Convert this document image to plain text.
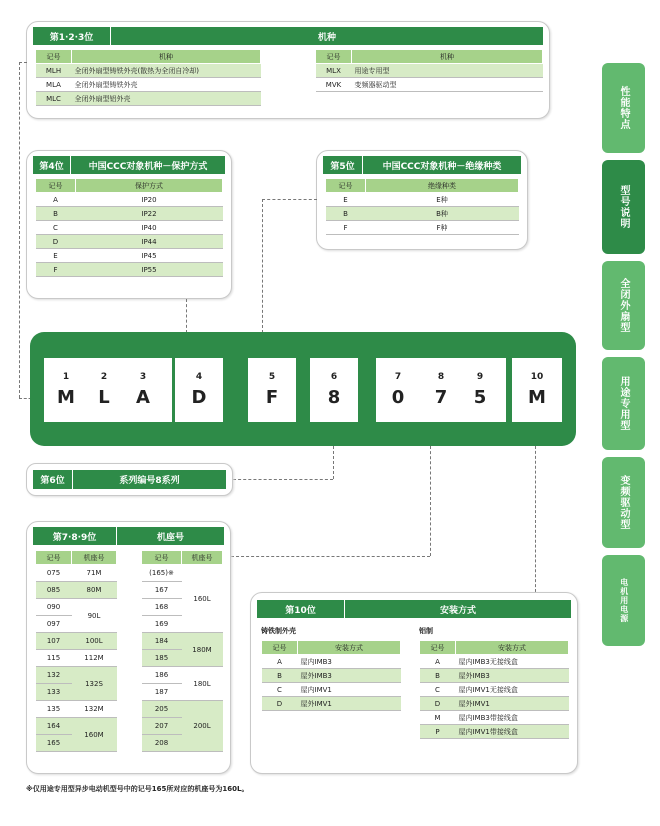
第1·2·3位	机种
记号	机种
MLH	全闭外扇型铸铁外壳(散热为全闭自冷却)
MLA	全闭外扇型铸铁外壳
MLC	全闭外扇型铝外壳
记号	机种
MLX	用途专用型
MVK	变频器驱动型
第4位	中国CCC对象机种－保护方式
记号	保护方式
A	IP20
B	IP22
C	IP40
D	IP44
E	IP45
F	IP55
第5位	中国CCC对象机种－绝缘种类
记号	绝缘种类
E	E种
B	B种
F	F种
1
M
2
L
3
A
4
D
5
F
6
8
7
0
8
7
9
5
10
M
第6位	系列编号8系列
第7·8·9位	机座号
记号	机座号
075	71M
085	80M
090	90L
097	
107	100L
115	112M
132	132S
133	
135	132M
164	160M
165	
记号	机座号
(165)※	160L
167	
168	
169	
184	180M
185	
186	180L
187	
205	200L
207	
208	
第10位	安装方式
铸铁制外壳	铝制
记号	安装方式
A	屋内IMB3
B	屋外IMB3
C	屋内IMV1
D	屋外IMV1
记号	安装方式
A	屋内IMB3无接线盒
B	屋外IMB3
C	屋内IMV1无接线盒
D	屋外IMV1
M	屋内IMB3带接线盒
P	屋内IMV1带接线盒
※仅用途专用型异步电动机型号中的记号165所对应的机座号为160L。
性能特点
型号说明
全闭外扇型
用途专用型
变频驱动型
电机用电源
